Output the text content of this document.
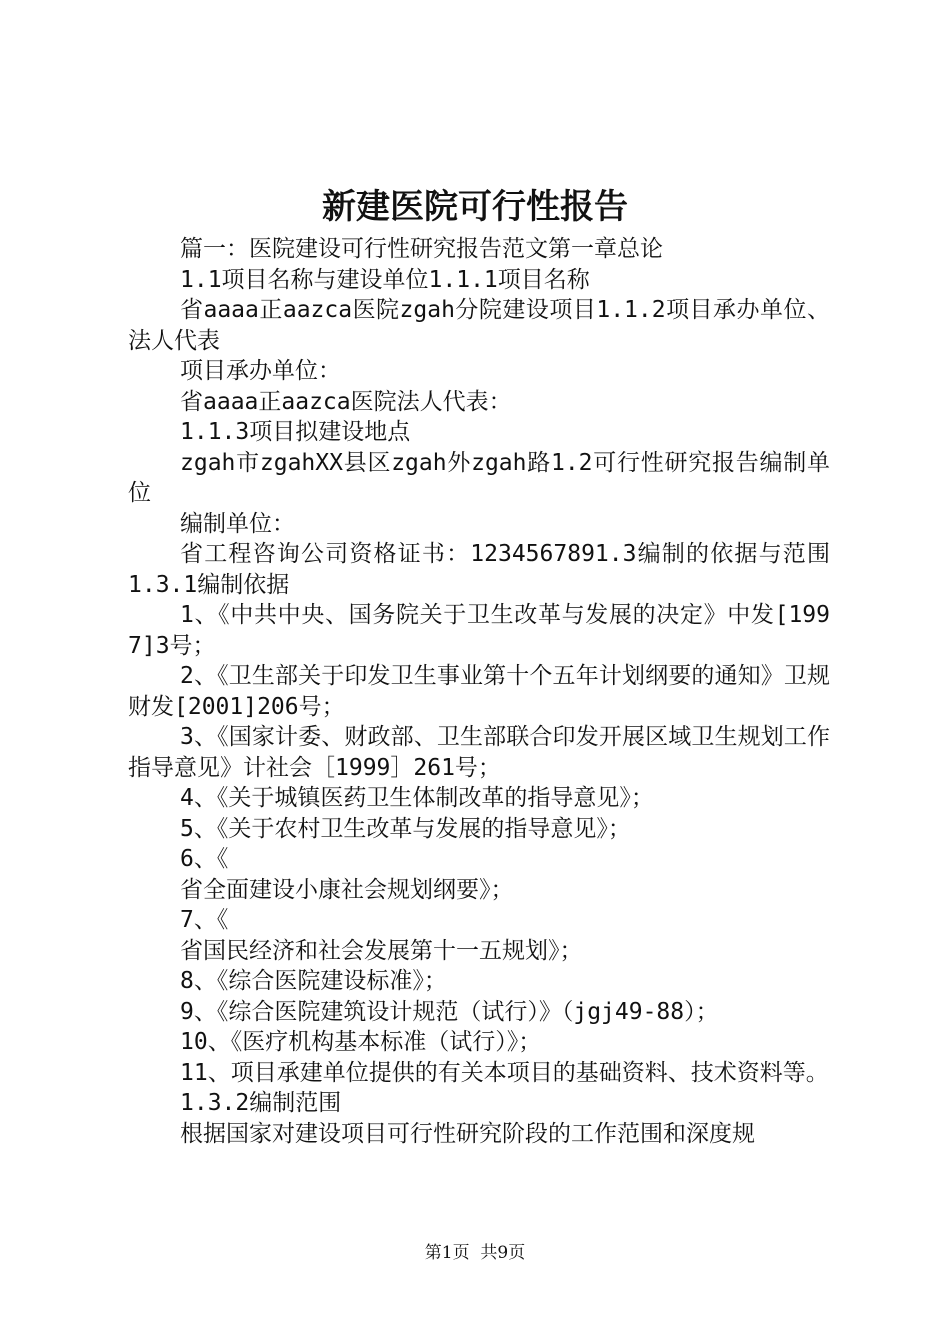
新建医院可行性报告

篇一：医院建设可行性研究报告范文第一章总论

1.1项目名称与建设单位1.1.1项目名称

省aaaa正aazca医院zgah分院建设项目1.1.2项目承办单位、法人代表

项目承办单位：

省aaaa正aazca医院法人代表：

1.1.3项目拟建设地点

zgah市zgahXX县区zgah外zgah路1.2可行性研究报告编制单位

编制单位：

省工程咨询公司资格证书：1234567891.3编制的依据与范围1.3.1编制依据

1、《中共中央、国务院关于卫生改革与发展的决定》中发[1997]3号；

2、《卫生部关于印发卫生事业第十个五年计划纲要的通知》卫规财发[2001]206号；

3、《国家计委、财政部、卫生部联合印发开展区域卫生规划工作指导意见》计社会［1999］261号；

4、《关于城镇医药卫生体制改革的指导意见》；

5、《关于农村卫生改革与发展的指导意见》；

6、《

省全面建设小康社会规划纲要》；

7、《

省国民经济和社会发展第十一五规划》；

8、《综合医院建设标准》；

9、《综合医院建筑设计规范（试行）》（jgj49-88）；

10、《医疗机构基本标准（试行）》；

11、项目承建单位提供的有关本项目的基础资料、技术资料等。

1.3.2编制范围

根据国家对建设项目可行性研究阶段的工作范围和深度规

第1页 共9页
